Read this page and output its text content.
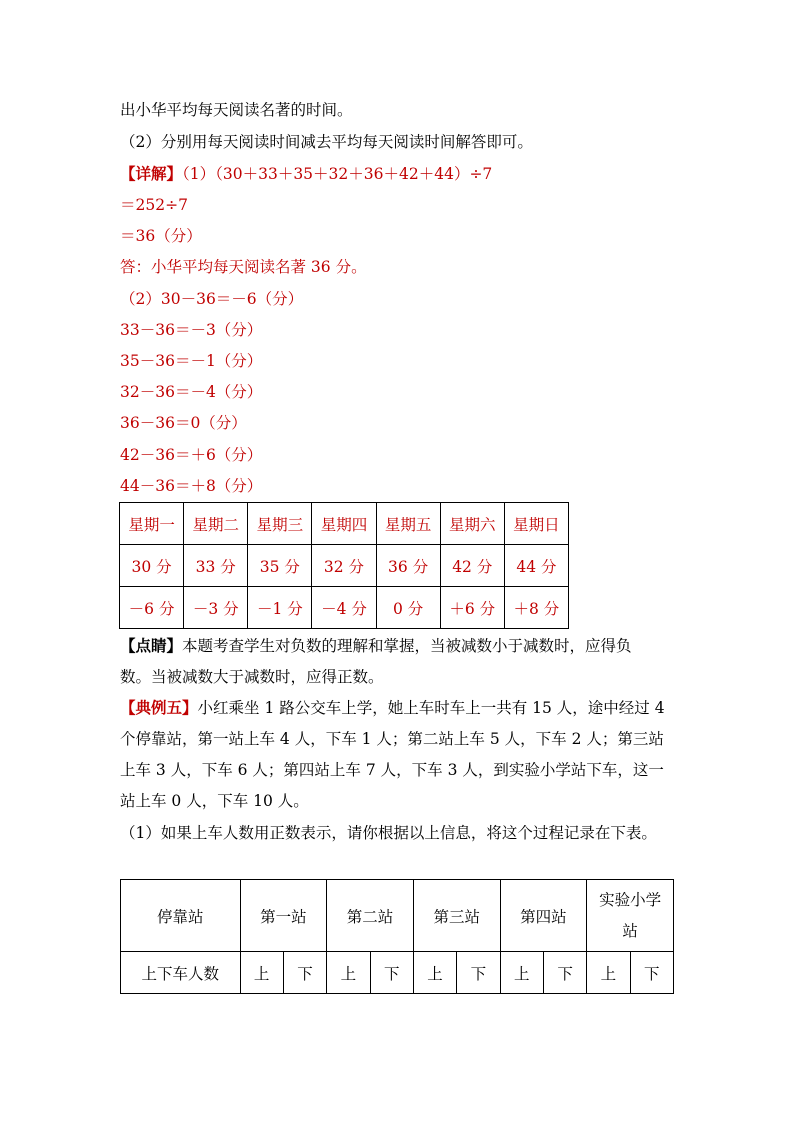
出小华平均每天阅读名著的时间。
（2）分别用每天阅读时间减去平均每天阅读时间解答即可。
【详解】（1）（30＋33＋35＋32＋36＋42＋44）÷7
＝252÷7
＝36（分）
答：小华平均每天阅读名著 36 分。
（2）30－36＝－6（分）
33－36＝－3（分）
35－36＝－1（分）
32－36＝－4（分）
36－36＝0（分）
42－36＝＋6（分）
44－36＝＋8（分）
星期一	星期二	星期三	星期四	星期五	星期六	星期日
30 分	33 分	35 分	32 分	36 分	42 分	44 分
－6 分	－3 分	－1 分	－4 分	0 分	＋6 分	＋8 分
【点睛】本题考查学生对负数的理解和掌握，当被减数小于减数时，应得负
数。当被减数大于减数时，应得正数。
【典例五】小红乘坐 1 路公交车上学，她上车时车上一共有 15 人，途中经过 4
个停靠站，第一站上车 4 人，下车 1 人；第二站上车 5 人，下车 2 人；第三站
上车 3 人，下车 6 人；第四站上车 7 人，下车 3 人，到实验小学站下车，这一
站上车 0 人，下车 10 人。
（1）如果上车人数用正数表示，请你根据以上信息，将这个过程记录在下表。
停靠站	第一站		第二站		第三站		第四站		实验小学
站	

上下车人数	上	下	上	下	上	下	上	下	上	下
